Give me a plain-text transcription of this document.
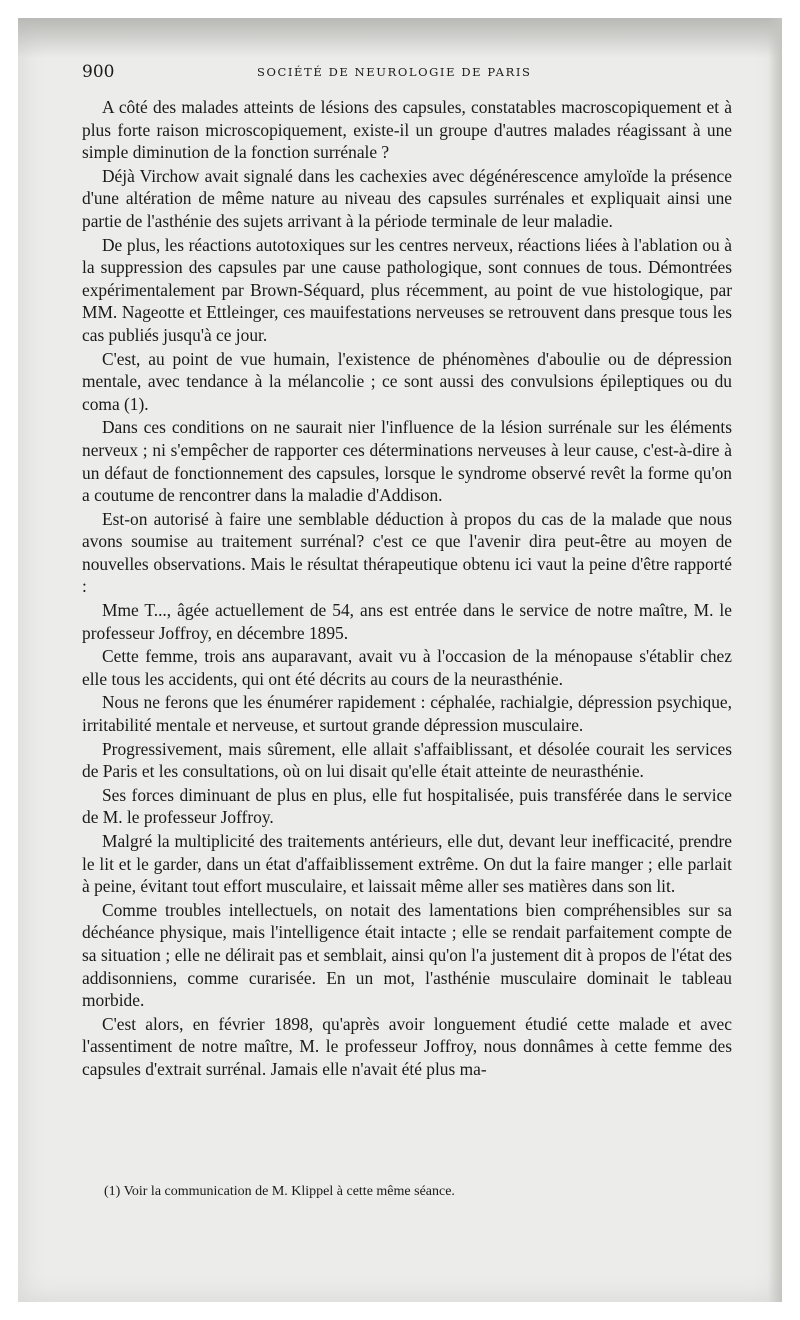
900	SOCIÉTÉ DE NEUROLOGIE DE PARIS

A côté des malades atteints de lésions des capsules, constatables macroscopiquement et à plus forte raison microscopiquement, existe-il un groupe d'autres malades réagissant à une simple diminution de la fonction surrénale ?

Déjà Virchow avait signalé dans les cachexies avec dégénérescence amyloïde la présence d'une altération de même nature au niveau des capsules surrénales et expliquait ainsi une partie de l'asthénie des sujets arrivant à la période terminale de leur maladie.

De plus, les réactions autotoxiques sur les centres nerveux, réactions liées à l'ablation ou à la suppression des capsules par une cause pathologique, sont connues de tous. Démontrées expérimentalement par Brown-Séquard, plus récemment, au point de vue histologique, par MM. Nageotte et Ettleinger, ces mauifestations nerveuses se retrouvent dans presque tous les cas publiés jusqu'à ce jour.

C'est, au point de vue humain, l'existence de phénomènes d'aboulie ou de dépression mentale, avec tendance à la mélancolie ; ce sont aussi des convulsions épileptiques ou du coma (1).

Dans ces conditions on ne saurait nier l'influence de la lésion surrénale sur les éléments nerveux ; ni s'empêcher de rapporter ces déterminations nerveuses à leur cause, c'est-à-dire à un défaut de fonctionnement des capsules, lorsque le syndrome observé revêt la forme qu'on a coutume de rencontrer dans la maladie d'Addison.

Est-on autorisé à faire une semblable déduction à propos du cas de la malade que nous avons soumise au traitement surrénal? c'est ce que l'avenir dira peut-être au moyen de nouvelles observations. Mais le résultat thérapeutique obtenu ici vaut la peine d'être rapporté :

Mme T..., âgée actuellement de 54, ans est entrée dans le service de notre maître, M. le professeur Joffroy, en décembre 1895.

Cette femme, trois ans auparavant, avait vu à l'occasion de la ménopause s'établir chez elle tous les accidents, qui ont été décrits au cours de la neurasthénie.

Nous ne ferons que les énumérer rapidement : céphalée, rachialgie, dépression psychique, irritabilité mentale et nerveuse, et surtout grande dépression musculaire.

Progressivement, mais sûrement, elle allait s'affaiblissant, et désolée courait les services de Paris et les consultations, où on lui disait qu'elle était atteinte de neurasthénie.

Ses forces diminuant de plus en plus, elle fut hospitalisée, puis transférée dans le service de M. le professeur Joffroy.

Malgré la multiplicité des traitements antérieurs, elle dut, devant leur inefficacité, prendre le lit et le garder, dans un état d'affaiblissement extrême. On dut la faire manger ; elle parlait à peine, évitant tout effort musculaire, et laissait même aller ses matières dans son lit.

Comme troubles intellectuels, on notait des lamentations bien compréhensibles sur sa déchéance physique, mais l'intelligence était intacte ; elle se rendait parfaitement compte de sa situation ; elle ne délirait pas et semblait, ainsi qu'on l'a justement dit à propos de l'état des addisonniens, comme curarisée. En un mot, l'asthénie musculaire dominait le tableau morbide.

C'est alors, en février 1898, qu'après avoir longuement étudié cette malade et avec l'assentiment de notre maître, M. le professeur Joffroy, nous donnâmes à cette femme des capsules d'extrait surrénal. Jamais elle n'avait été plus ma-

(1) Voir la communication de M. Klippel à cette même séance.
